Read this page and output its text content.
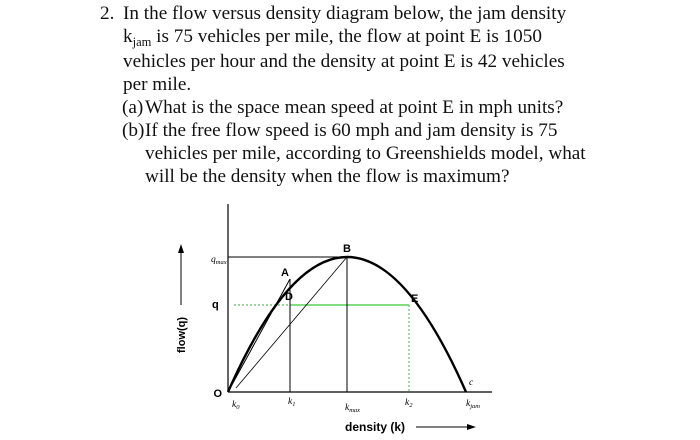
2. In the flow versus density diagram below, the jam density
$k_{jam}$ is 75 vehicles per mile, the flow at point E is 1050
vehicles per hour and the density at point E is 42 vehicles
per mile.
(a) What is the space mean speed at point E in mph units?
(b) If the free flow speed is 60 mph and jam density is 75
vehicles per mile, according to Greenshields model, what
will be the density when the flow is maximum?
B
A
D	E
O
c
$q_{max}$
q
$k_0$
$k_1$	$k_{max}$
$k_2$	$k_{jam}$
flow(q)
density (k)
